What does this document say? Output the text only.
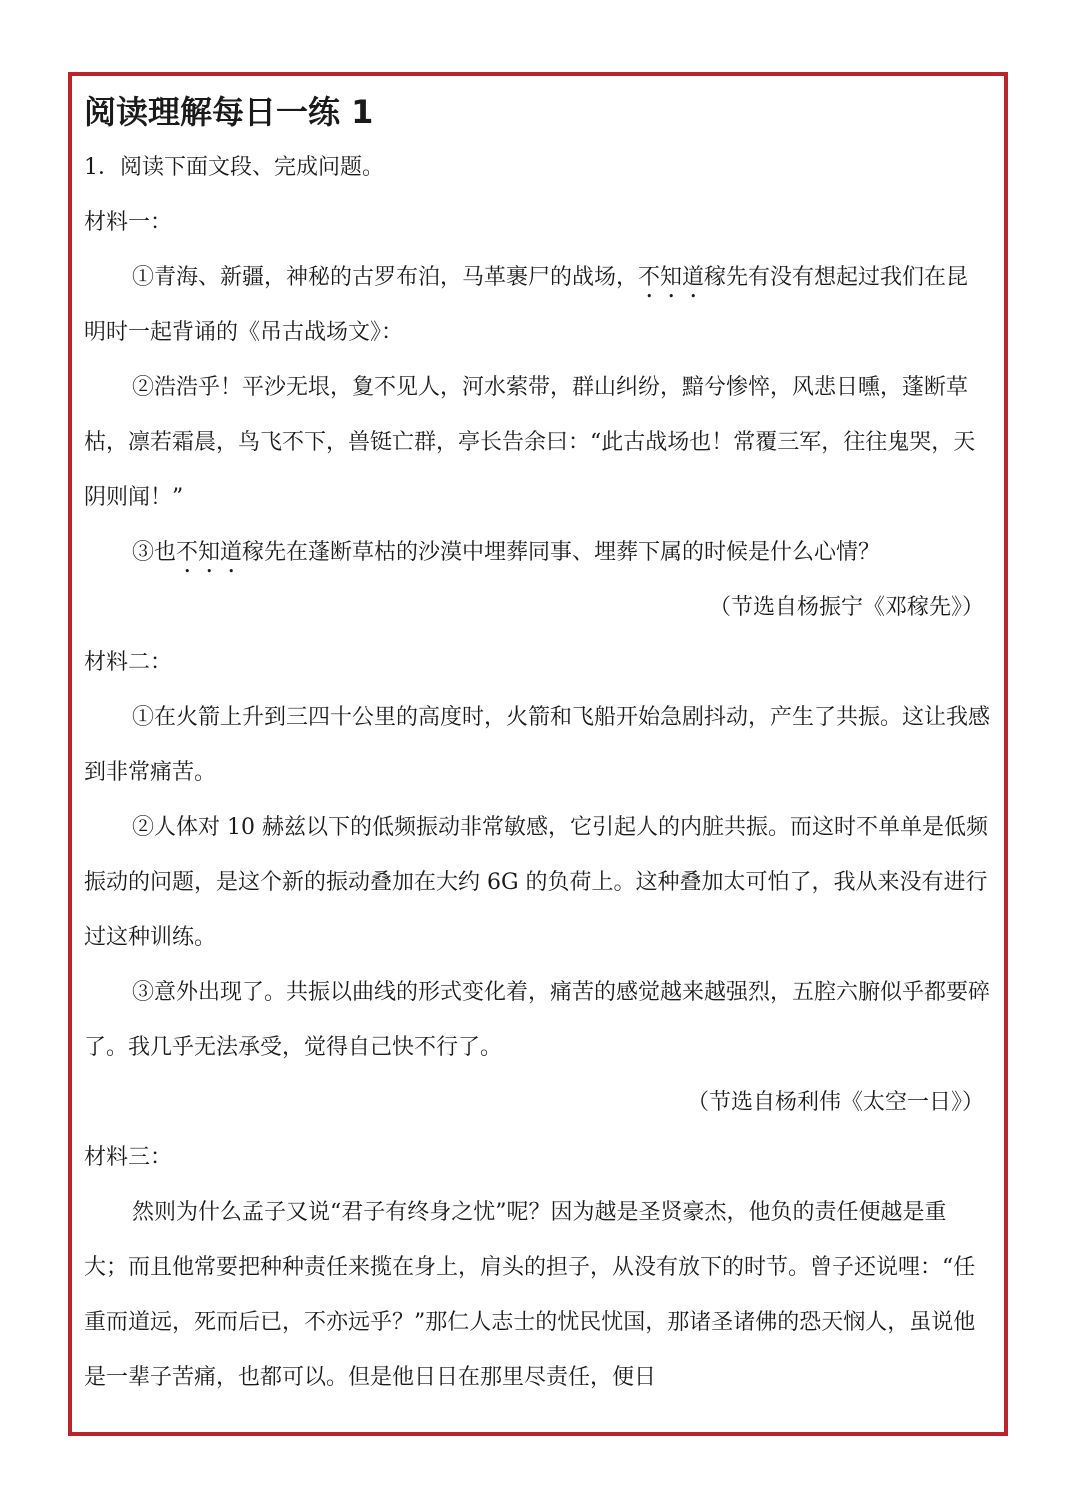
阅读理解每日一练 1

1．阅读下面文段、完成问题。

材料一：

①青海、新疆，神秘的古罗布泊，马革裹尸的战场，不知道稼先有没有想起过我们在昆明时一起背诵的《吊古战场文》：

②浩浩乎！平沙无垠，夐不见人，河水萦带，群山纠纷，黯兮惨悴，风悲日曛，蓬断草枯，凛若霜晨，鸟飞不下，兽铤亡群，亭长告余曰：“此古战场也！常覆三军，往往鬼哭，天阴则闻！”

③也不知道稼先在蓬断草枯的沙漠中埋葬同事、埋葬下属的时候是什么心情？

（节选自杨振宁《邓稼先》）

材料二：

①在火箭上升到三四十公里的高度时，火箭和飞船开始急剧抖动，产生了共振。这让我感到非常痛苦。

②人体对 10 赫兹以下的低频振动非常敏感，它引起人的内脏共振。而这时不单单是低频振动的问题，是这个新的振动叠加在大约 6G 的负荷上。这种叠加太可怕了，我从来没有进行过这种训练。

③意外出现了。共振以曲线的形式变化着，痛苦的感觉越来越强烈，五腔六腑似乎都要碎了。我几乎无法承受，觉得自己快不行了。

（节选自杨利伟《太空一日》）

材料三：

然则为什么孟子又说“君子有终身之忧”呢？因为越是圣贤豪杰，他负的责任便越是重大；而且他常要把种种责任来揽在身上，肩头的担子，从没有放下的时节。曾子还说哩：“任重而道远，死而后已，不亦远乎？”那仁人志士的忧民忧国，那诸圣诸佛的恐天悯人，虽说他是一辈子苦痛，也都可以。但是他日日在那里尽责任，便日
